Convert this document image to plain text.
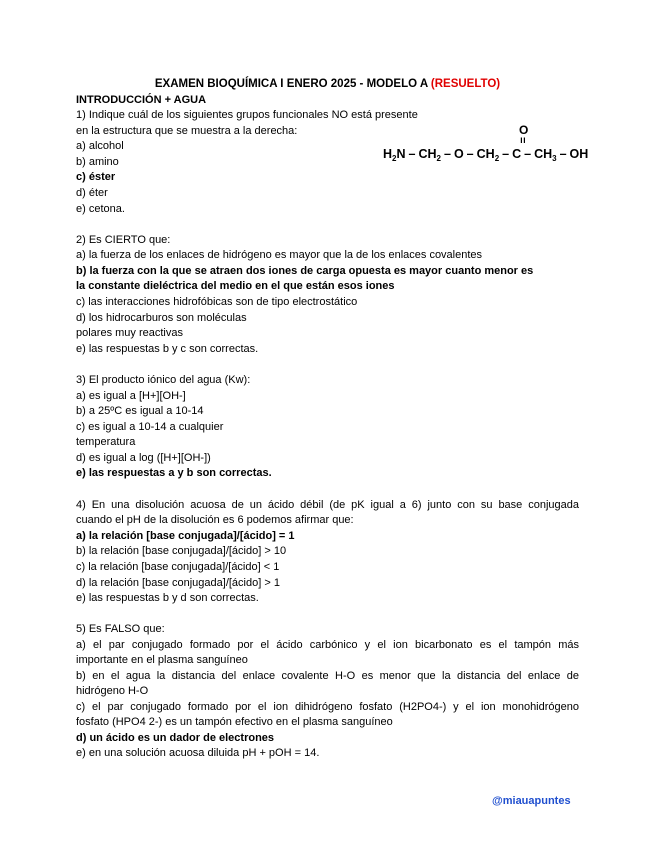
EXAMEN BIOQUÍMICA I ENERO 2025 - MODELO A (RESUELTO)
INTRODUCCIÓN + AGUA
1) Indique cuál de los siguientes grupos funcionales NO está presente
en la estructura que se muestra a la derecha:
a) alcohol
b) amino
c) éster
d) éter
e) cetona.
O
=
$H_2N - CH_2$ – O – $CH_2$ – C – $CH_3$ – OH
2) Es CIERTO que:
a) la fuerza de los enlaces de hidrógeno es mayor que la de los enlaces covalentes
b) la fuerza con la que se atraen dos iones de carga opuesta es mayor cuanto menor es
la constante dieléctrica del medio en el que están esos iones
c) las interacciones hidrofóbicas son de tipo electrostático
d) los hidrocarburos son moléculas
polares muy reactivas
e) las respuestas b y c son correctas.
3) El producto iónico del agua (Kw):
a) es igual a [H+][OH-]
b) a 25ºC es igual a 10-14
c) es igual a 10-14 a cualquier
temperatura
d) es igual a log ([H+][OH-])
e) las respuestas a y b son correctas.
4) En una disolución acuosa de un ácido débil (de pK igual a 6) junto con su base conjugada
cuando el pH de la disolución es 6 podemos afirmar que:
a) la relación [base conjugada]/[ácido] = 1
b) la relación [base conjugada]/[ácido] > 10
c) la relación [base conjugada]/[ácido] < 1
d) la relación [base conjugada]/[ácido] > 1
e) las respuestas b y d son correctas.
5) Es FALSO que:
a) el par conjugado formado por el ácido carbónico y el ion bicarbonato es el tampón más
importante en el plasma sanguíneo
b) en el agua la distancia del enlace covalente H-O es menor que la distancia del enlace de
hidrógeno H-O
c) el par conjugado formado por el ion dihidrógeno fosfato (H2PO4-) y el ion monohidrógeno
fosfato (HPO4 2-) es un tampón efectivo en el plasma sanguíneo
d) un ácido es un dador de electrones
e) en una solución acuosa diluida pH + pOH = 14.
@miauapuntes
